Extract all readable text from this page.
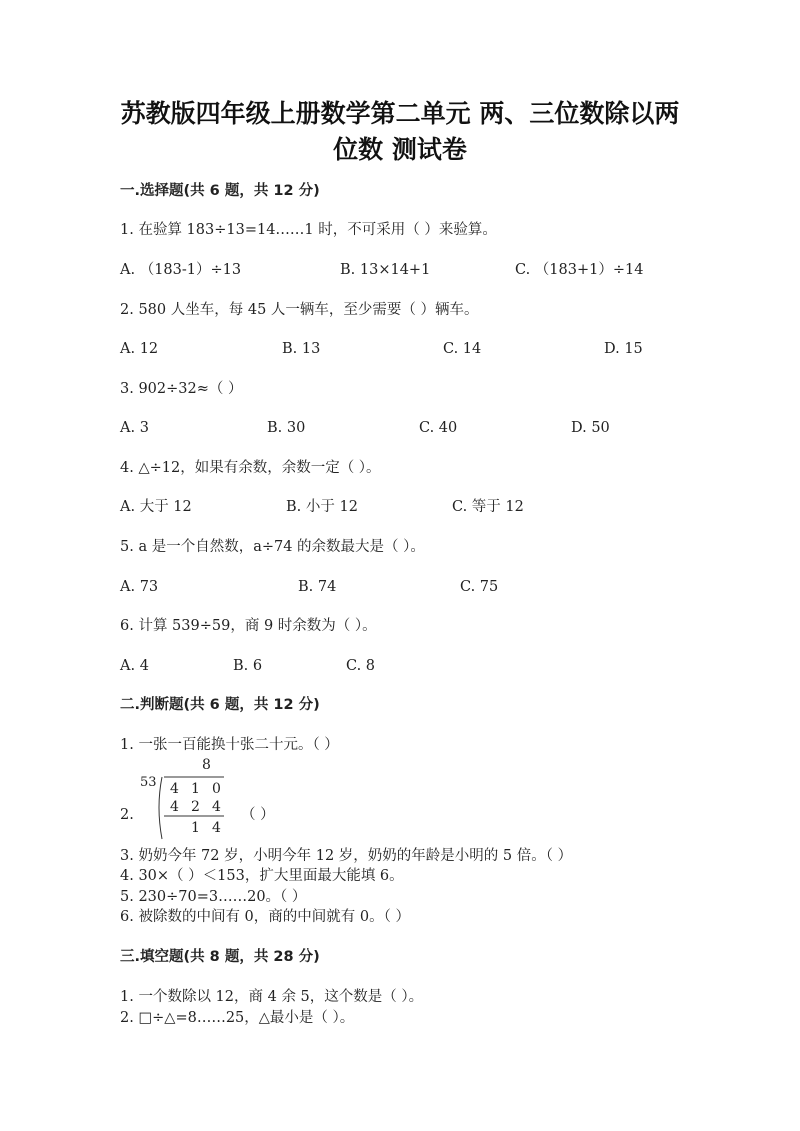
苏教版四年级上册数学第二单元 两、三位数除以两
位数 测试卷
一.选择题(共 6 题，共 12 分)
1. 在验算 183÷13=14……1 时，不可采用（ ）来验算。
A. （183-1）÷13	B. 13×14+1	C. （183+1）÷14
2. 580 人坐车，每 45 人一辆车，至少需要（ ）辆车。
A. 12	B. 13	C. 14	D. 15
3. 902÷32≈（ ）
A. 3	B. 30	C. 40	D. 50
4. △÷12，如果有余数，余数一定（ ）。
A. 大于 12	B. 小于 12	C. 等于 12
5. a 是一个自然数，a÷74 的余数最大是（ ）。
A. 73	B. 74	C. 75
6. 计算 539÷59，商 9 时余数为（ ）。
A. 4	B. 6	C. 8
二.判断题(共 6 题，共 12 分)
1. 一张一百能换十张二十元。（ ）
8
53 4 1 0
4 2 4
1 4
2.	（ ）
3. 奶奶今年 72 岁，小明今年 12 岁，奶奶的年龄是小明的 5 倍。（ ）
4. 30×（ ）＜153，扩大里面最大能填 6。
5. 230÷70=3……20。（ ）
6. 被除数的中间有 0，商的中间就有 0。（ ）
三.填空题(共 8 题，共 28 分)
1. 一个数除以 12，商 4 余 5，这个数是（ ）。
2. □÷△=8……25，△最小是（ ）。
